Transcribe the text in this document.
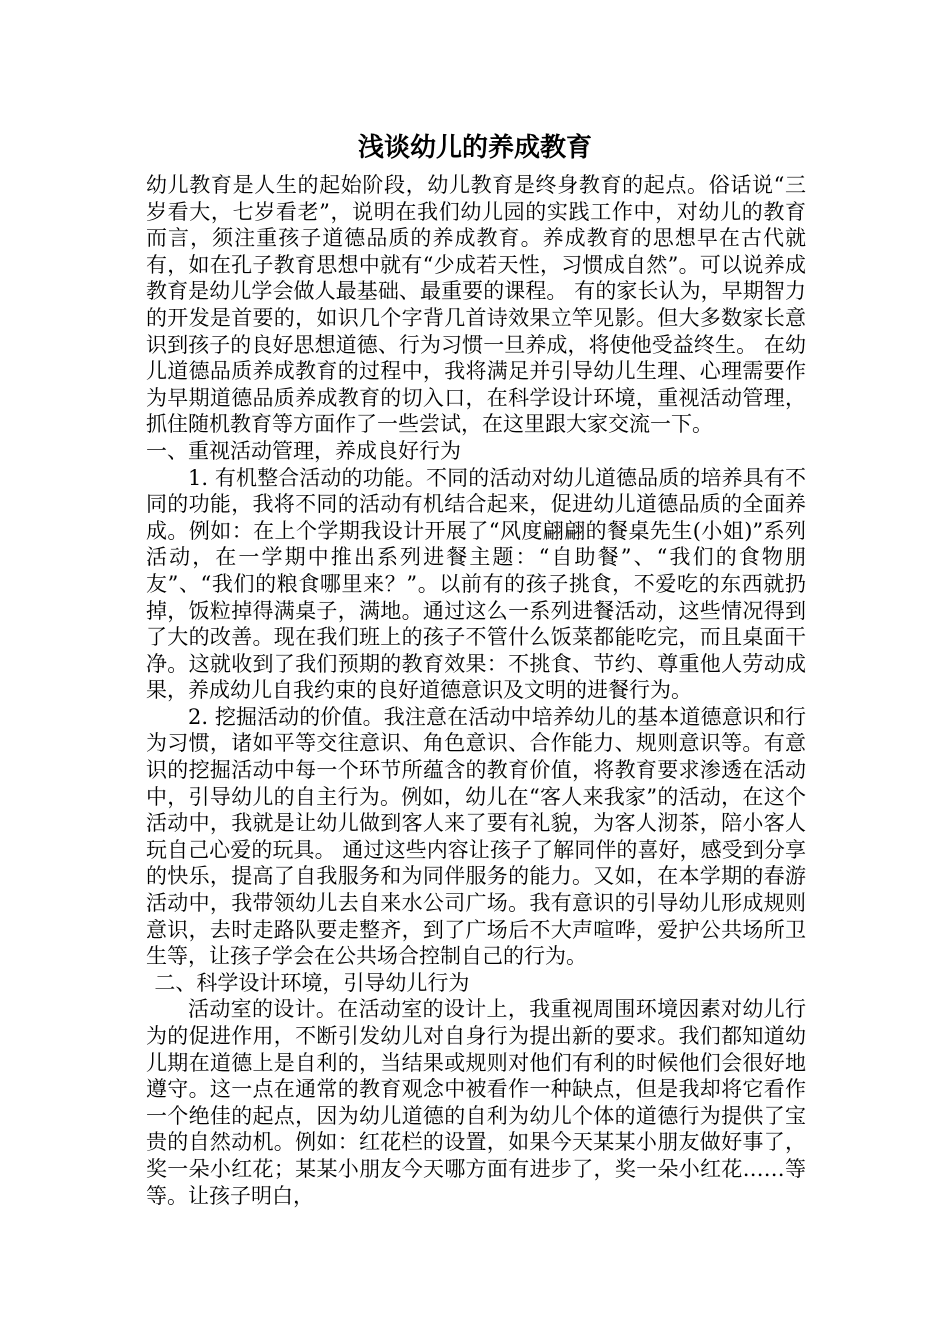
浅谈幼儿的养成教育

幼儿教育是人生的起始阶段，幼儿教育是终身教育的起点。俗话说“三岁看大，七岁看老”，说明在我们幼儿园的实践工作中，对幼儿的教育而言，须注重孩子道德品质的养成教育。养成教育的思想早在古代就有，如在孔子教育思想中就有“少成若天性，习惯成自然”。可以说养成教育是幼儿学会做人最基础、最重要的课程。 有的家长认为，早期智力的开发是首要的，如识几个字背几首诗效果立竿见影。但大多数家长意识到孩子的良好思想道德、行为习惯一旦养成，将使他受益终生。 在幼儿道德品质养成教育的过程中，我将满足并引导幼儿生理、心理需要作为早期道德品质养成教育的切入口，在科学设计环境，重视活动管理，抓住随机教育等方面作了一些尝试，在这里跟大家交流一下。

一、重视活动管理，养成良好行为

1. 有机整合活动的功能。不同的活动对幼儿道德品质的培养具有不同的功能，我将不同的活动有机结合起来，促进幼儿道德品质的全面养成。例如：在上个学期我设计开展了“风度翩翩的餐桌先生(小姐)”系列活动，在一学期中推出系列进餐主题：“自助餐”、“我们的食物朋友”、“我们的粮食哪里来？”。以前有的孩子挑食，不爱吃的东西就扔掉，饭粒掉得满桌子，满地。通过这么一系列进餐活动，这些情况得到了大的改善。现在我们班上的孩子不管什么饭菜都能吃完，而且桌面干净。这就收到了我们预期的教育效果：不挑食、节约、尊重他人劳动成果，养成幼儿自我约束的良好道德意识及文明的进餐行为。

2. 挖掘活动的价值。我注意在活动中培养幼儿的基本道德意识和行为习惯，诸如平等交往意识、角色意识、合作能力、规则意识等。有意识的挖掘活动中每一个环节所蕴含的教育价值，将教育要求渗透在活动中，引导幼儿的自主行为。例如，幼儿在“客人来我家”的活动，在这个活动中，我就是让幼儿做到客人来了要有礼貌，为客人沏茶，陪小客人玩自己心爱的玩具。 通过这些内容让孩子了解同伴的喜好，感受到分享的快乐，提高了自我服务和为同伴服务的能力。又如，在本学期的春游活动中，我带领幼儿去自来水公司广场。我有意识的引导幼儿形成规则意识，去时走路队要走整齐，到了广场后不大声喧哗，爱护公共场所卫生等，让孩子学会在公共场合控制自己的行为。

二、科学设计环境，引导幼儿行为

活动室的设计。在活动室的设计上，我重视周围环境因素对幼儿行为的促进作用，不断引发幼儿对自身行为提出新的要求。我们都知道幼儿期在道德上是自利的，当结果或规则对他们有利的时候他们会很好地遵守。这一点在通常的教育观念中被看作一种缺点，但是我却将它看作一个绝佳的起点，因为幼儿道德的自利为幼儿个体的道德行为提供了宝贵的自然动机。例如：红花栏的设置，如果今天某某小朋友做好事了，奖一朵小红花；某某小朋友今天哪方面有进步了，奖一朵小红花……等等。让孩子明白，
